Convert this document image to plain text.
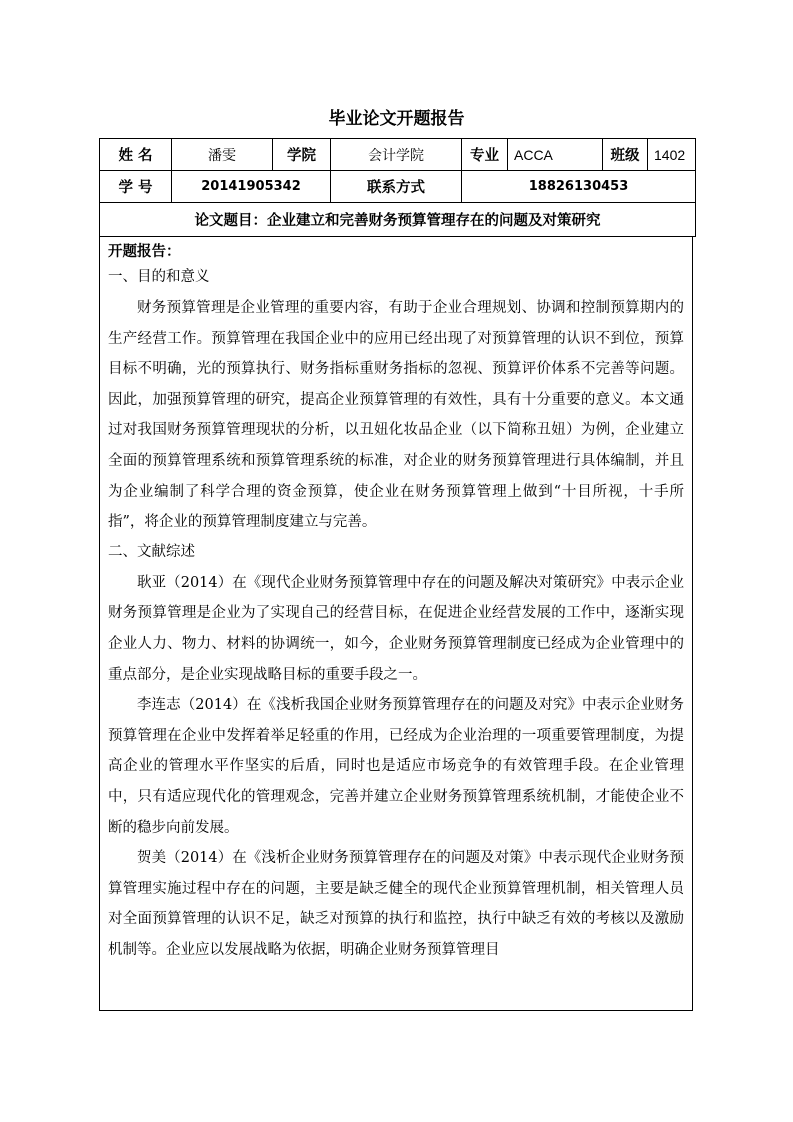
毕业论文开题报告
姓 名	潘雯	学院	会计学院	专业	ACCA	班级	1402
学 号	20141905342		联系方式	18826130453			
论文题目：企业建立和完善财务预算管理存在的问题及对策研究							
开题报告：
一、目的和意义

财务预算管理是企业管理的重要内容，有助于企业合理规划、协调和控制预算期内的生产经营工作。预算管理在我国企业中的应用已经出现了对预算管理的认识不到位，预算目标不明确，光的预算执行、财务指标重财务指标的忽视、预算评价体系不完善等问题。因此，加强预算管理的研究，提高企业预算管理的有效性，具有十分重要的意义。本文通过对我国财务预算管理现状的分析，以丑妞化妆品企业（以下简称丑妞）为例，企业建立全面的预算管理系统和预算管理系统的标准，对企业的财务预算管理进行具体编制，并且为企业编制了科学合理的资金预算，使企业在财务预算管理上做到“十目所视，十手所指”，将企业的预算管理制度建立与完善。

二、文献综述

耿亚（2014）在《现代企业财务预算管理中存在的问题及解决对策研究》中表示企业财务预算管理是企业为了实现自己的经营目标，在促进企业经营发展的工作中，逐渐实现企业人力、物力、材料的协调统一，如今，企业财务预算管理制度已经成为企业管理中的重点部分，是企业实现战略目标的重要手段之一。

李连志（2014）在《浅析我国企业财务预算管理存在的问题及对究》中表示企业财务预算管理在企业中发挥着举足轻重的作用，已经成为企业治理的一项重要管理制度，为提高企业的管理水平作坚实的后盾，同时也是适应市场竞争的有效管理手段。在企业管理中，只有适应现代化的管理观念，完善并建立企业财务预算管理系统机制，才能使企业不断的稳步向前发展。

贺美（2014）在《浅析企业财务预算管理存在的问题及对策》中表示现代企业财务预算管理实施过程中存在的问题，主要是缺乏健全的现代企业预算管理机制，相关管理人员对全面预算管理的认识不足，缺乏对预算的执行和监控，执行中缺乏有效的考核以及激励机制等。企业应以发展战略为依据，明确企业财务预算管理目
